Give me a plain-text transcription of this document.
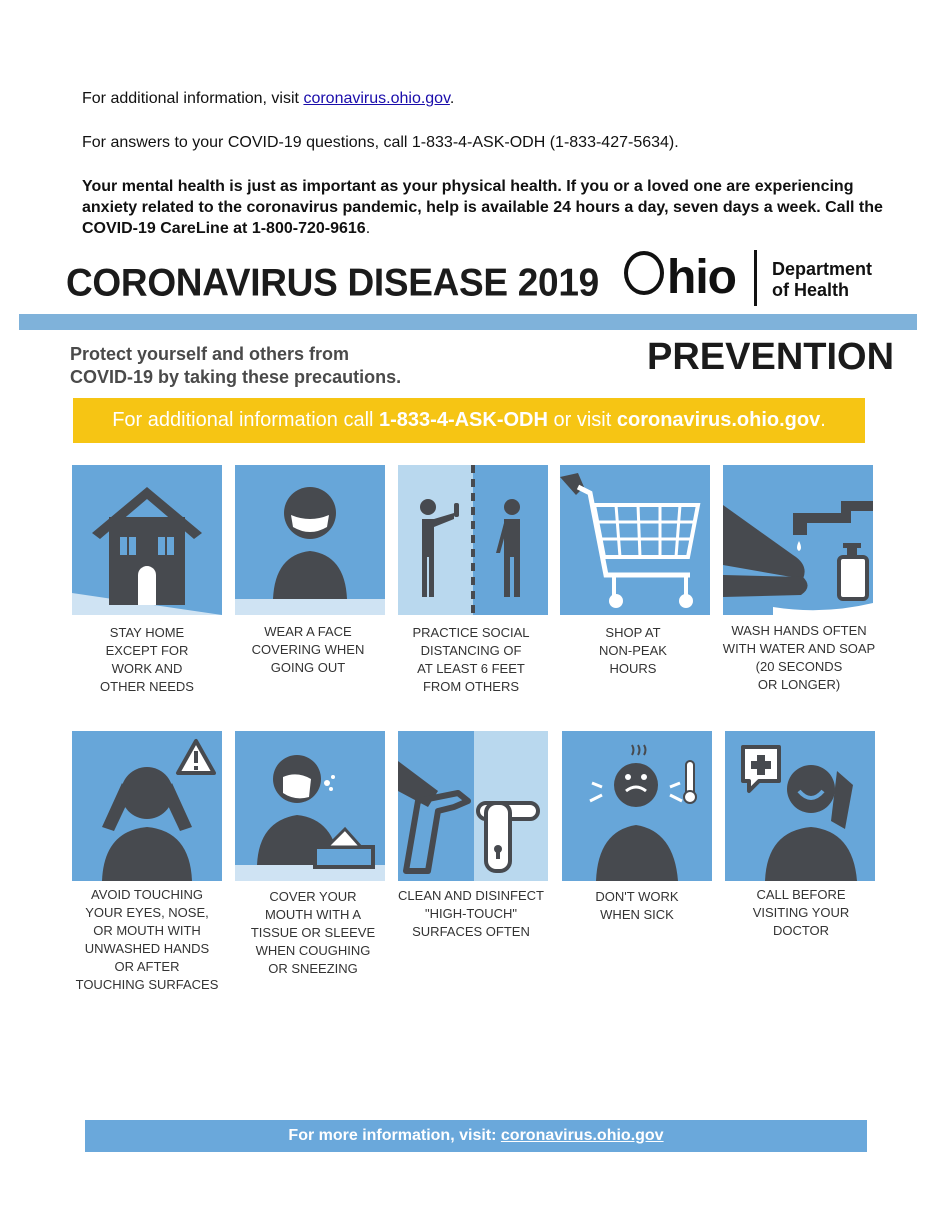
For additional information, visit coronavirus.ohio.gov.
For answers to your COVID-19 questions, call 1-833-4-ASK-ODH (1-833-427-5634).
Your mental health is just as important as your physical health. If you or a loved one are experiencing anxiety related to the coronavirus pandemic, help is available 24 hours a day, seven days a week. Call the COVID-19 CareLine at 1-800-720-9616.
CORONAVIRUS DISEASE 2019	hio Department
of Health
Protect yourself and others from
COVID-19 by taking these precautions.	PREVENTION
For additional information call 1-833-4-ASK-ODH or visit coronavirus.ohio.gov.
STAY HOME
EXCEPT FOR
WORK AND
OTHER NEEDS
WEAR A FACE
COVERING WHEN
GOING OUT
PRACTICE SOCIAL
DISTANCING OF
AT LEAST 6 FEET
FROM OTHERS
SHOP AT
NON-PEAK
HOURS
WASH HANDS OFTEN
WITH WATER AND SOAP
(20 SECONDS
OR LONGER)
AVOID TOUCHING
YOUR EYES, NOSE,
OR MOUTH WITH
UNWASHED HANDS
OR AFTER
TOUCHING SURFACES
COVER YOUR
MOUTH WITH A
TISSUE OR SLEEVE
WHEN COUGHING
OR SNEEZING
CLEAN AND DISINFECT
"HIGH-TOUCH"
SURFACES OFTEN
DON'T WORK
WHEN SICK
CALL BEFORE
VISITING YOUR
DOCTOR
For more information, visit: coronavirus.ohio.gov
